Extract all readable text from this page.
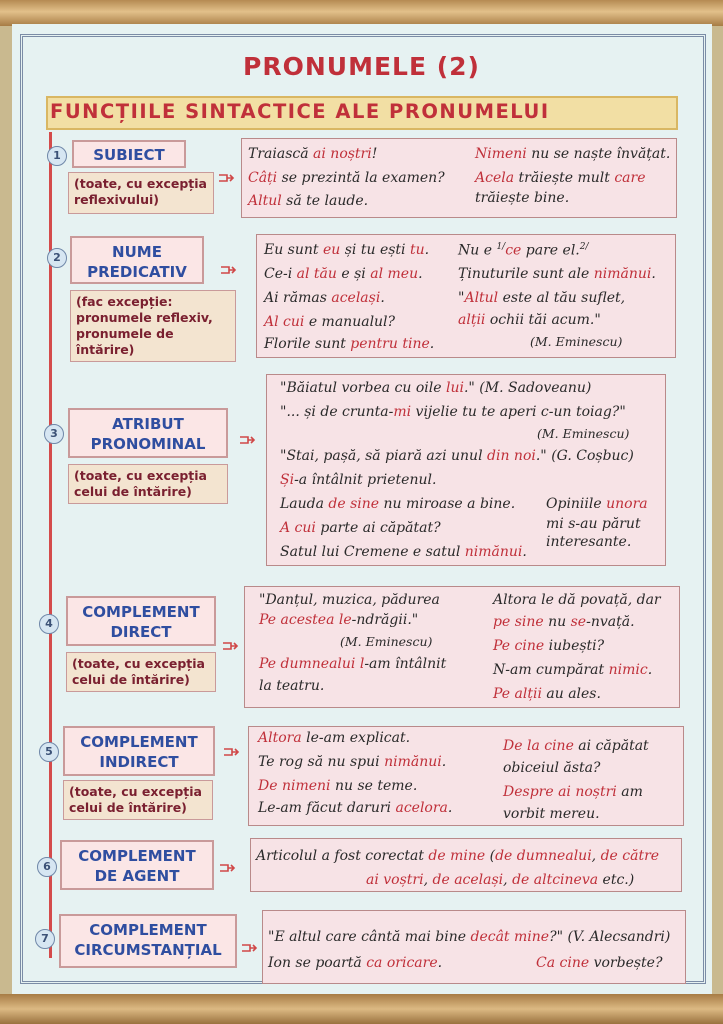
PRONUMELE (2)
FUNCȚIILE SINTACTICE ALE PRONUMELUI
1	SUBIECT
(toate, cu excepția reflexivului)
Traiască ai noștri!
Câți se prezintă la examen?
Altul să te laude.
Nimeni nu se naște învățat.
Acela trăiește mult care
trăiește bine.
2	NUME
PREDICATIV
(fac excepție: pronumele reflexiv, pronumele de întărire)
Eu sunt eu și tu ești tu.
Ce-i al tău e și al meu.
Ai rămas același.
Al cui e manualul?
Florile sunt pentru tine.
Nu e $^{1/}$ce pare el.$^{2/}$
Ținuturile sunt ale nimănui.
"Altul este al tău suflet,
alții ochii tăi acum."
(M. Eminescu)
3
ATRIBUT
PRONOMINAL
(toate, cu excepția celui de întărire)
"Băiatul vorbea cu oile lui." (M. Sadoveanu)
"... și de crunta-mi vijelie tu te aperi c-un toiag?"
(M. Eminescu)
"Stai, pașă, să piară azi unul din noi." (G. Coșbuc)
Și-a întâlnit prietenul.
Lauda de sine nu miroase a bine.
A cui parte ai căpătat?
Satul lui Cremene e satul nimănui.
Opiniile unora
mi s-au părut
interesante.
4
COMPLEMENT
DIRECT
(toate, cu excepția celui de întărire)
"Danțul, muzica, pădurea
Pe acestea le-ndrăgii."
(M. Eminescu)
Pe dumnealui l-am întâlnit
la teatru.
Altora le dă povață, dar
pe sine nu se-nvață.
Pe cine iubești?
N-am cumpărat nimic.
Pe alții au ales.
5
COMPLEMENT
INDIRECT
(toate, cu excepția celui de întărire)
Altora le-am explicat.
Te rog să nu spui nimănui.
De nimeni nu se teme.
Le-am făcut daruri acelora.
De la cine ai căpătat
obiceiul ăsta?
Despre ai noștri am
vorbit mereu.
6
COMPLEMENT
DE AGENT
Articolul a fost corectat de mine (de dumnealui, de către
ai voștri, de același, de altcineva etc.)
7	COMPLEMENT
CIRCUMSTANȚIAL
"E altul care cântă mai bine decât mine?" (V. Alecsandri)
Ion se poartă ca oricare.	Ca cine vorbește?
